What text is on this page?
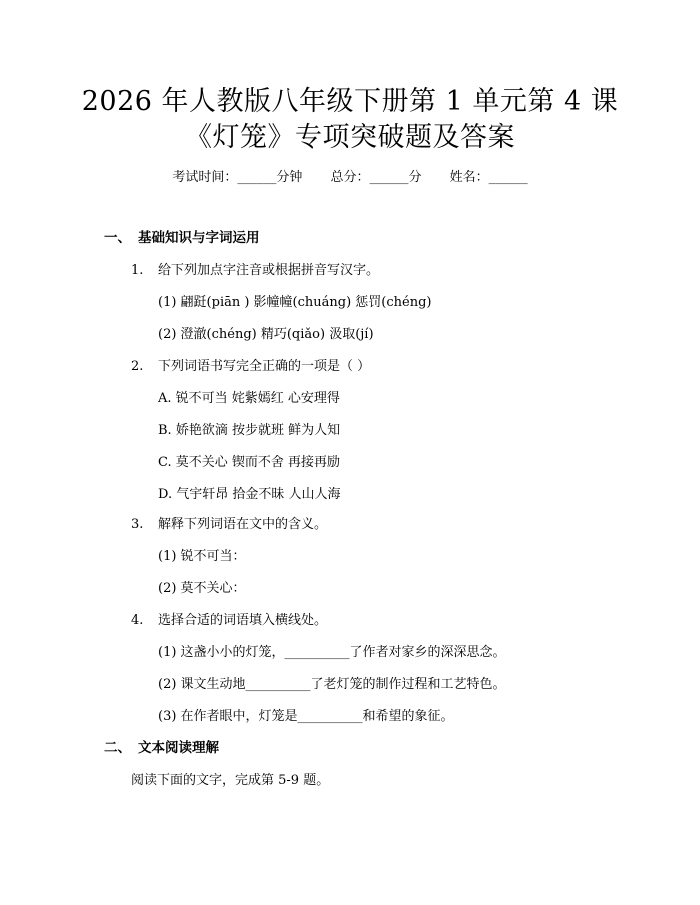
2026 年人教版八年级下册第 1 单元第 4 课
《灯笼》专项突破题及答案
考试时间：______分钟 总分：______分 姓名：______
一、 基础知识与字词运用
1. 给下列加点字注音或根据拼音写汉字。
(1) 翩跹(piān ) 影幢幢(chuáng) 惩罚(chéng)
(2) 澄澈(chéng) 精巧(qiǎo) 汲取(jí)
2. 下列词语书写完全正确的一项是（ ）
A. 锐不可当 姹紫嫣红 心安理得
B. 娇艳欲滴 按步就班 鲜为人知
C. 莫不关心 锲而不舍 再接再励
D. 气宇轩昂 拾金不昧 人山人海
3. 解释下列词语在文中的含义。
(1) 锐不可当：
(2) 莫不关心：
4. 选择合适的词语填入横线处。
(1) 这盏小小的灯笼，__________了作者对家乡的深深思念。
(2) 课文生动地__________了老灯笼的制作过程和工艺特色。
(3) 在作者眼中，灯笼是__________和希望的象征。
二、 文本阅读理解
阅读下面的文字，完成第 5-9 题。
